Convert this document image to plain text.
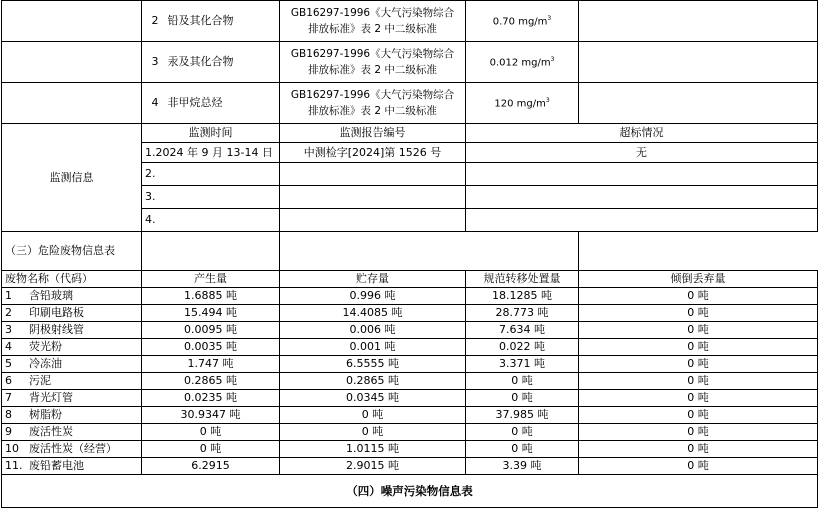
	2 铅及其化合物	GB16297-1996《大气污染物综合
排放标准》表 2 中二级标准	0.70 $mg/m^3$	
	3 汞及其化合物	GB16297-1996《大气污染物综合
排放标准》表 2 中二级标准	0.012 $mg/m^3$	
	4 非甲烷总烃	GB16297-1996《大气污染物综合
排放标准》表 2 中二级标准	120 $mg/m^3$	
监测信息	监测时间	监测报告编号	超标情况	
	1.2024 年 9 月 13-14 日	中测检字[2024]第 1526 号	无	
	2.			
	3.			
	4.			
（三）危险废物信息表				
废物名称（代码）	产生量	贮存量	规范转移处置量	倾倒丢弃量
1 含铅玻璃	1.6885 吨	0.996 吨	18.1285 吨	0 吨
2 印刷电路板	15.494 吨	14.4085 吨	28.773 吨	0 吨
3 阴极射线管	0.0095 吨	0.006 吨	7.634 吨	0 吨
4 荧光粉	0.0035 吨	0.001 吨	0.022 吨	0 吨
5 冷冻油	1.747 吨	6.5555 吨	3.371 吨	0 吨
6 污泥	0.2865 吨	0.2865 吨	0 吨	0 吨
7 背光灯管	0.0235 吨	0.0345 吨	0 吨	0 吨
8 树脂粉	30.9347 吨	0 吨	37.985 吨	0 吨
9 废活性炭	0 吨	0 吨	0 吨	0 吨
10 废活性炭（经营）	0 吨	1.0115 吨	0 吨	0 吨
11. 废铅蓄电池	6.2915	2.9015 吨	3.39 吨	0 吨
（四）噪声污染物信息表				
